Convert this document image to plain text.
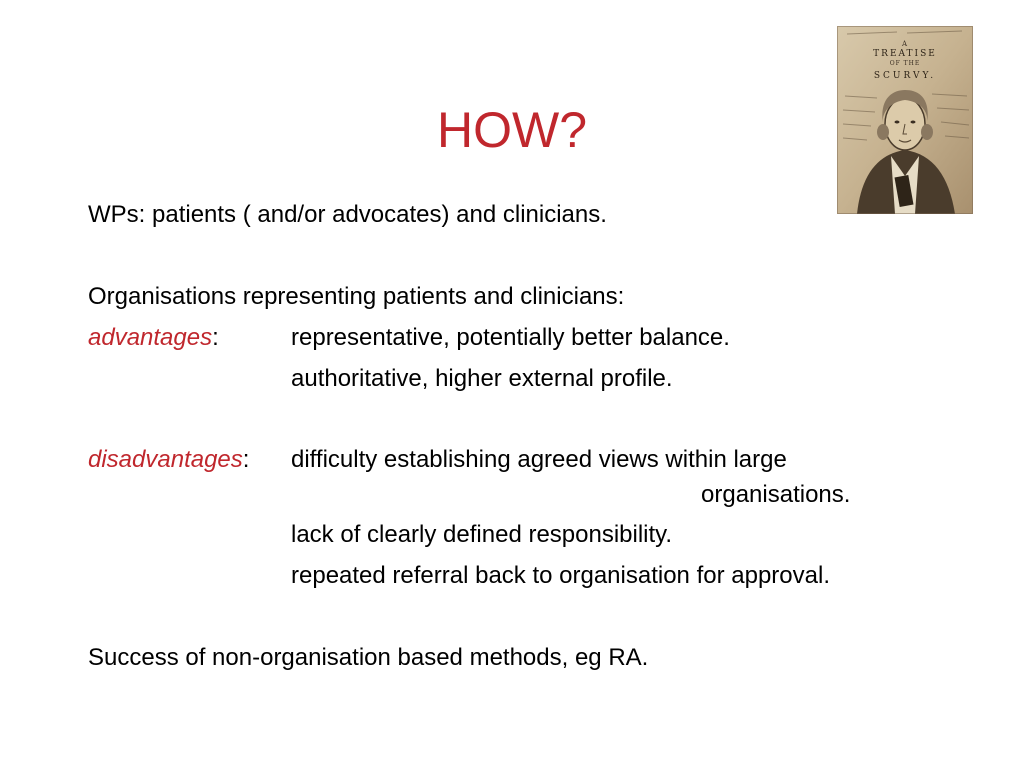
HOW?
A
TREATISE
OF THE
SCURVY.

WPs: patients ( and/or advocates) and clinicians.

Organisations representing patients and clinicians:

advantages:	representative, potentially better balance.

authoritative, higher external profile.

disadvantages: difficulty establishing agreed views within large

organisations.

lack of clearly defined responsibility.

repeated referral back to organisation for approval.

Success of non-organisation based methods, eg RA.
